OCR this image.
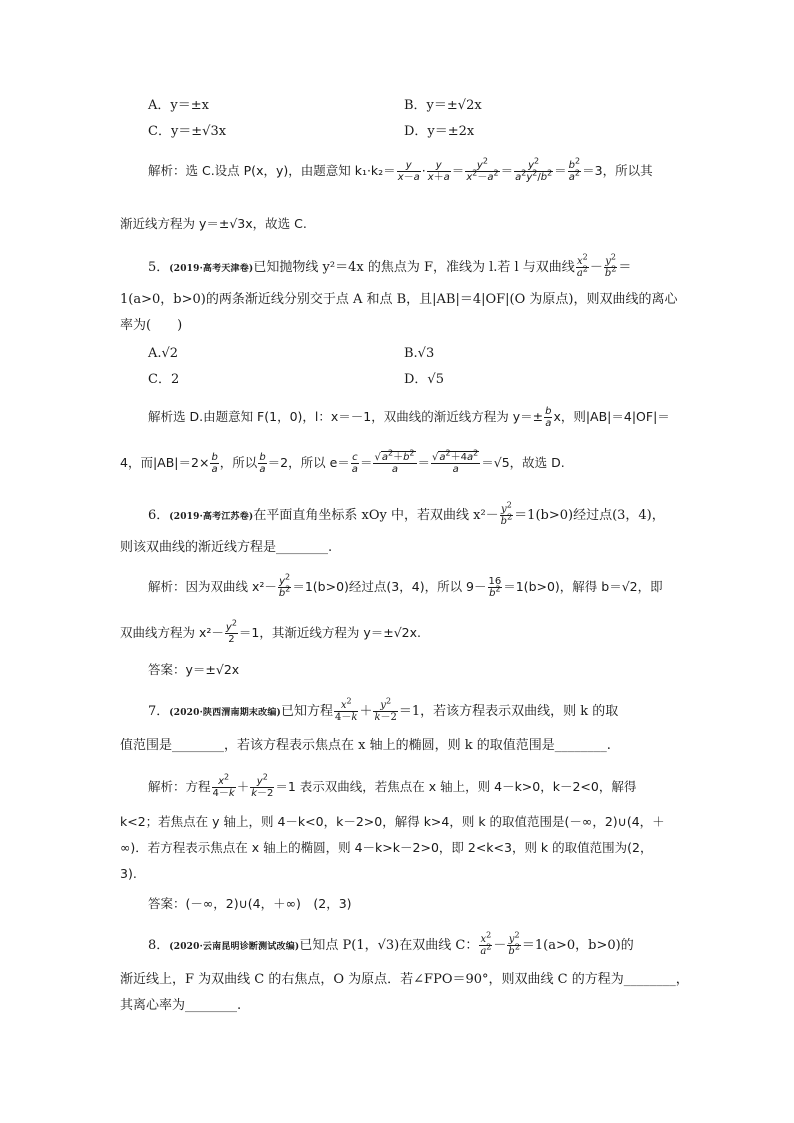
A．y＝±x	B．y＝±√2x
C．y＝±√3x	D．y＝±2x
解析：选 C.设点 P(x，y)，由题意知 $k_1\cdot k_2= \frac{y}{x-a} \cdot \frac{y}{x+a} = \frac{y^2}{x^2-a^2} = \frac{y^2}{a^2y^2/b^2} = \frac{b^2}{a^2} =3$，所以其
渐近线方程为 y＝±√3x，故选 C.
5．(2019·高考天津卷)已知抛物线 y²＝4x 的焦点为 F，准线为 l.若 l 与双曲线 $\frac{x^2}{a^2} - \frac{y^2}{b^2}$ ＝
1(a>0，b>0)的两条渐近线分别交于点 A 和点 B，且|AB|＝4|OF|(O 为原点)，则双曲线的离心
率为(　　)
A.√2	B.√3
C．2	D．√5
解析选 D.由题意知 F(1，0)，l：x＝－1，双曲线的渐近线方程为 $y=\pm \frac{b}{a}$ x，则|AB|＝4|OF|＝
4，而$|AB|=2\times \frac{b}{a}$ ，所以 $\frac{b}{a} =2$，所以 $e= \frac{c}{a} = \frac{√a^2+b^2}{a} = \frac{√a^2+4a^2}{a} =√5$，故选 D.
6．(2019·高考江苏卷)在平面直角坐标系 xOy 中，若双曲线 $x^2- \frac{y^2}{b^2} =1(b>0)$经过点(3，4)，
则该双曲线的渐近线方程是________.
解析：因为双曲线 $x^2- \frac{y^2}{b^2} =1(b>0)$经过点(3，4)，所以 $9- \frac{16}{b^2} =1(b>0)$，解得 b＝√2，即
双曲线方程为 $x^2- \frac{y^2}{2} =1$，其渐近线方程为 y＝±√2x.
答案：y＝±√2x
7．(2020·陕西渭南期末改编)已知方程 $\frac{x^2}{4-k} + \frac{y^2}{k-2} =1$，若该方程表示双曲线，则 k 的取
值范围是________，若该方程表示焦点在 x 轴上的椭圆，则 k 的取值范围是________.
解析：方程 $\frac{x^2}{4-k} + \frac{y^2}{k-2} =1$ 表示双曲线，若焦点在 x 轴上，则 4－k>0，k－2<0，解得
k<2；若焦点在 y 轴上，则 4－k<0，k－2>0，解得 k>4，则 k 的取值范围是(－∞，2)∪(4，＋
∞)．若方程表示焦点在 x 轴上的椭圆，则 4－k>k－2>0，即 2<k<3，则 k 的取值范围为(2，
3).
答案：(－∞，2)∪(4，＋∞)　(2，3)
8．(2020·云南昆明诊断测试改编)已知点 P(1，√3)在双曲线 C： $\frac{x^2}{a^2} - \frac{y^2}{b^2} =1(a>0$，b>0)的
渐近线上，F 为双曲线 C 的右焦点，O 为原点．若∠FPO＝90°，则双曲线 C 的方程为________，
其离心率为________.
